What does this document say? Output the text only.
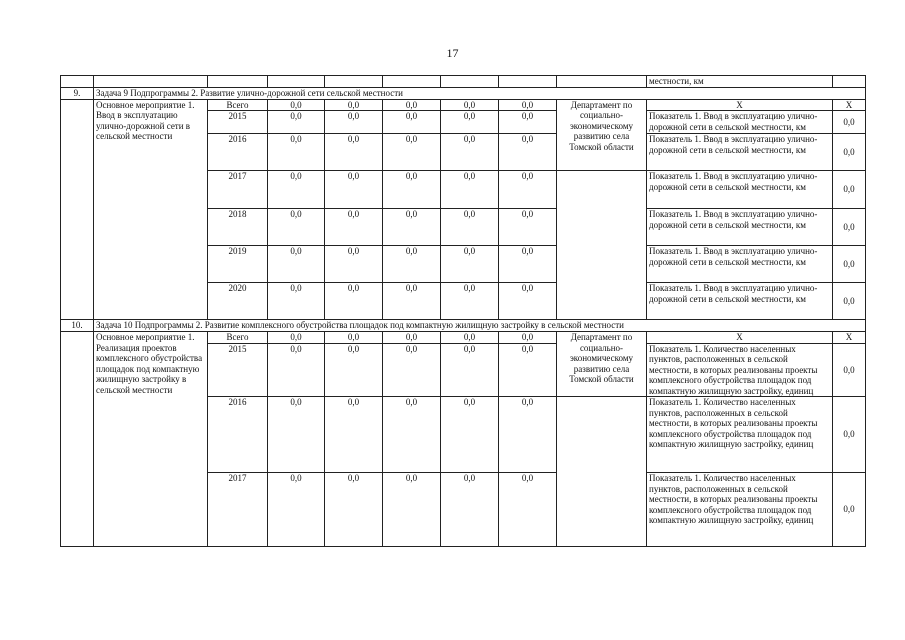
17
									местности, км	
9.	Задача 9 Подпрограммы 2. Развитие улично-дорожной сети сельской местности									
	Основное мероприятие 1. Ввод в эксплуатацию улично-дорожной сети в сельской местности	Всего	0,0	0,0	0,0	0,0	0,0	Департамент по социально-экономическому развитию села Томской области	Х	Х
		2015	0,0	0,0	0,0	0,0	0,0		Показатель 1. Ввод в эксплуатацию улично-дорожной сети в сельской местности, км	0,0
		2016	0,0	0,0	0,0	0,0	0,0		Показатель 1. Ввод в эксплуатацию улично-дорожной сети в сельской местности, км	0,0
		2017	0,0	0,0	0,0	0,0	0,0		Показатель 1. Ввод в эксплуатацию улично-дорожной сети в сельской местности, км	0,0
		2018	0,0	0,0	0,0	0,0	0,0		Показатель 1. Ввод в эксплуатацию улично-дорожной сети в сельской местности, км	0,0
		2019	0,0	0,0	0,0	0,0	0,0		Показатель 1. Ввод в эксплуатацию улично-дорожной сети в сельской местности, км	0,0
		2020	0,0	0,0	0,0	0,0	0,0		Показатель 1. Ввод в эксплуатацию улично-дорожной сети в сельской местности, км	0,0
10.	Задача 10 Подпрограммы 2. Развитие комплексного обустройства площадок под компактную жилищную застройку в сельской местности									
	Основное мероприятие 1. Реализация проектов комплексного обустройства площадок под компактную жилищную застройку в сельской местности	Всего	0,0	0,0	0,0	0,0	0,0	Департамент по социально-экономическому развитию села Томской области	Х	Х
		2015	0,0	0,0	0,0	0,0	0,0		Показатель 1. Количество населенных пунктов, расположенных в сельской местности, в которых реализованы проекты комплексного обустройства площадок под компактную жилищную застройку, единиц	0,0
		2016	0,0	0,0	0,0	0,0	0,0		Показатель 1. Количество населенных пунктов, расположенных в сельской местности, в которых реализованы проекты комплексного обустройства площадок под компактную жилищную застройку, единиц	0,0
		2017	0,0	0,0	0,0	0,0	0,0		Показатель 1. Количество населенных пунктов, расположенных в сельской местности, в которых реализованы проекты комплексного обустройства площадок под компактную жилищную застройку, единиц	0,0
